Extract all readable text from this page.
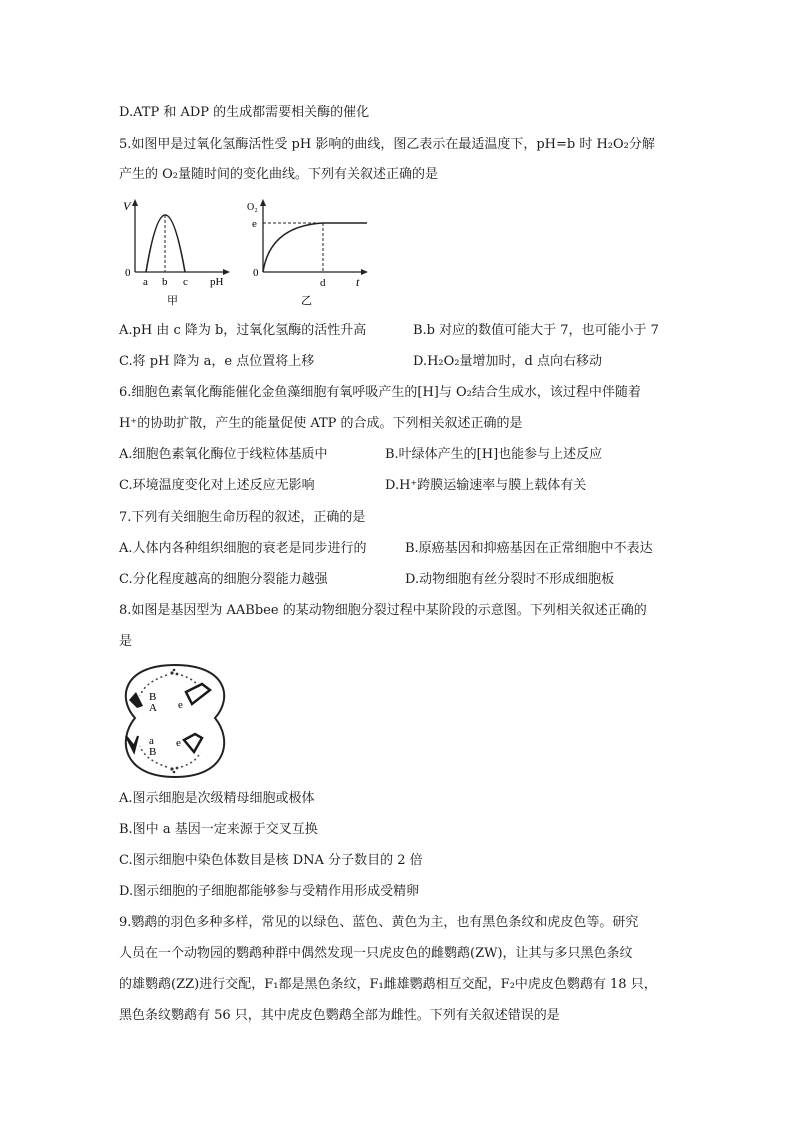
D.ATP 和 ADP 的生成都需要相关酶的催化
5.如图甲是过氧化氢酶活性受 pH 影响的曲线，图乙表示在最适温度下，pH=b 时 H₂O₂分解
产生的 O₂量随时间的变化曲线。下列有关叙述正确的是
V
0
a b c pH
甲
O₂
e
0
d	t
乙
A.pH 由 c 降为 b，过氧化氢酶的活性升高	B.b 对应的数值可能大于 7，也可能小于 7
C.将 pH 降为 a，e 点位置将上移	D.H₂O₂量增加时，d 点向右移动
6.细胞色素氧化酶能催化金鱼藻细胞有氧呼吸产生的[H]与 O₂结合生成水，该过程中伴随着
H⁺的协助扩散，产生的能量促使 ATP 的合成。下列相关叙述正确的是
A.细胞色素氧化酶位于线粒体基质中	B.叶绿体产生的[H]也能参与上述反应
C.环境温度变化对上述反应无影响	D.H⁺跨膜运输速率与膜上载体有关
7.下列有关细胞生命历程的叙述，正确的是
A.人体内各种组织细胞的衰老是同步进行的	B.原癌基因和抑癌基因在正常细胞中不表达
C.分化程度越高的细胞分裂能力越强	D.动物细胞有丝分裂时不形成细胞板
8.如图是基因型为 AABbee 的某动物细胞分裂过程中某阶段的示意图。下列相关叙述正确的
是
B
A e
a
B
e
A.图示细胞是次级精母细胞或极体
B.图中 a 基因一定来源于交叉互换
C.图示细胞中染色体数目是核 DNA 分子数目的 2 倍
D.图示细胞的子细胞都能够参与受精作用形成受精卵
9.鹦鹉的羽色多种多样，常见的以绿色、蓝色、黄色为主，也有黑色条纹和虎皮色等。研究
人员在一个动物园的鹦鹉种群中偶然发现一只虎皮色的雌鹦鹉(ZW)，让其与多只黑色条纹
的雄鹦鹉(ZZ)进行交配，F₁都是黑色条纹，F₁雌雄鹦鹉相互交配，F₂中虎皮色鹦鹉有 18 只，
黑色条纹鹦鹉有 56 只，其中虎皮色鹦鹉全部为雌性。下列有关叙述错误的是
